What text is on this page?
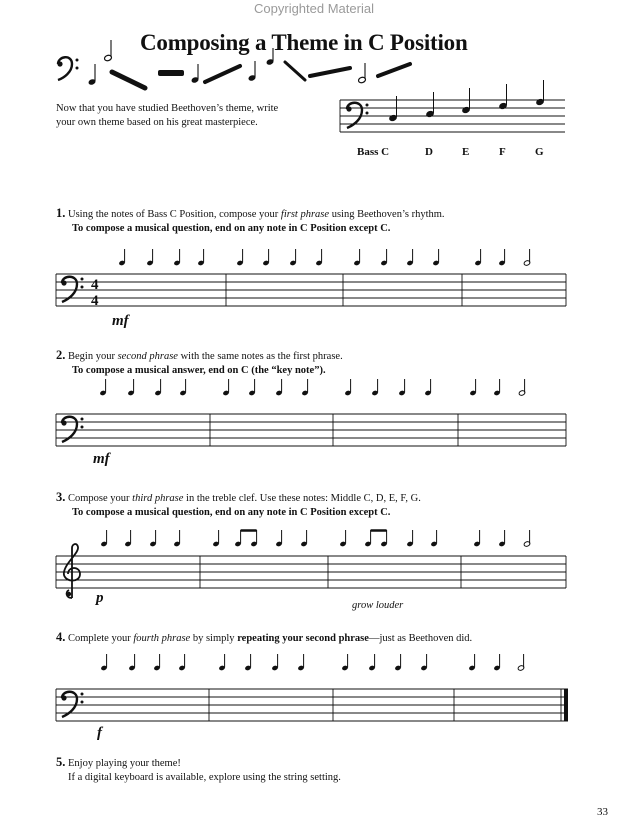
Copyrighted Material
4
4
Composing a Theme in C Position
Now that you have studied Beethoven’s theme, write
your own theme based on his great masterpiece.
Bass C	D	E	F	G
1. Using the notes of Bass C Position, compose your first phrase using Beethoven’s rhythm.
To compose a musical question, end on any note in C Position except C.
mf
2. Begin your second phrase with the same notes as the first phrase.
To compose a musical answer, end on C (the “key note”).
mf
3. Compose your third phrase in the treble clef. Use these notes: Middle C, D, E, F, G.
To compose a musical question, end on any note in C Position except C.
p	grow louder
4. Complete your fourth phrase by simply repeating your second phrase—just as Beethoven did.
f
5. Enjoy playing your theme!
If a digital keyboard is available, explore using the string setting.
33
